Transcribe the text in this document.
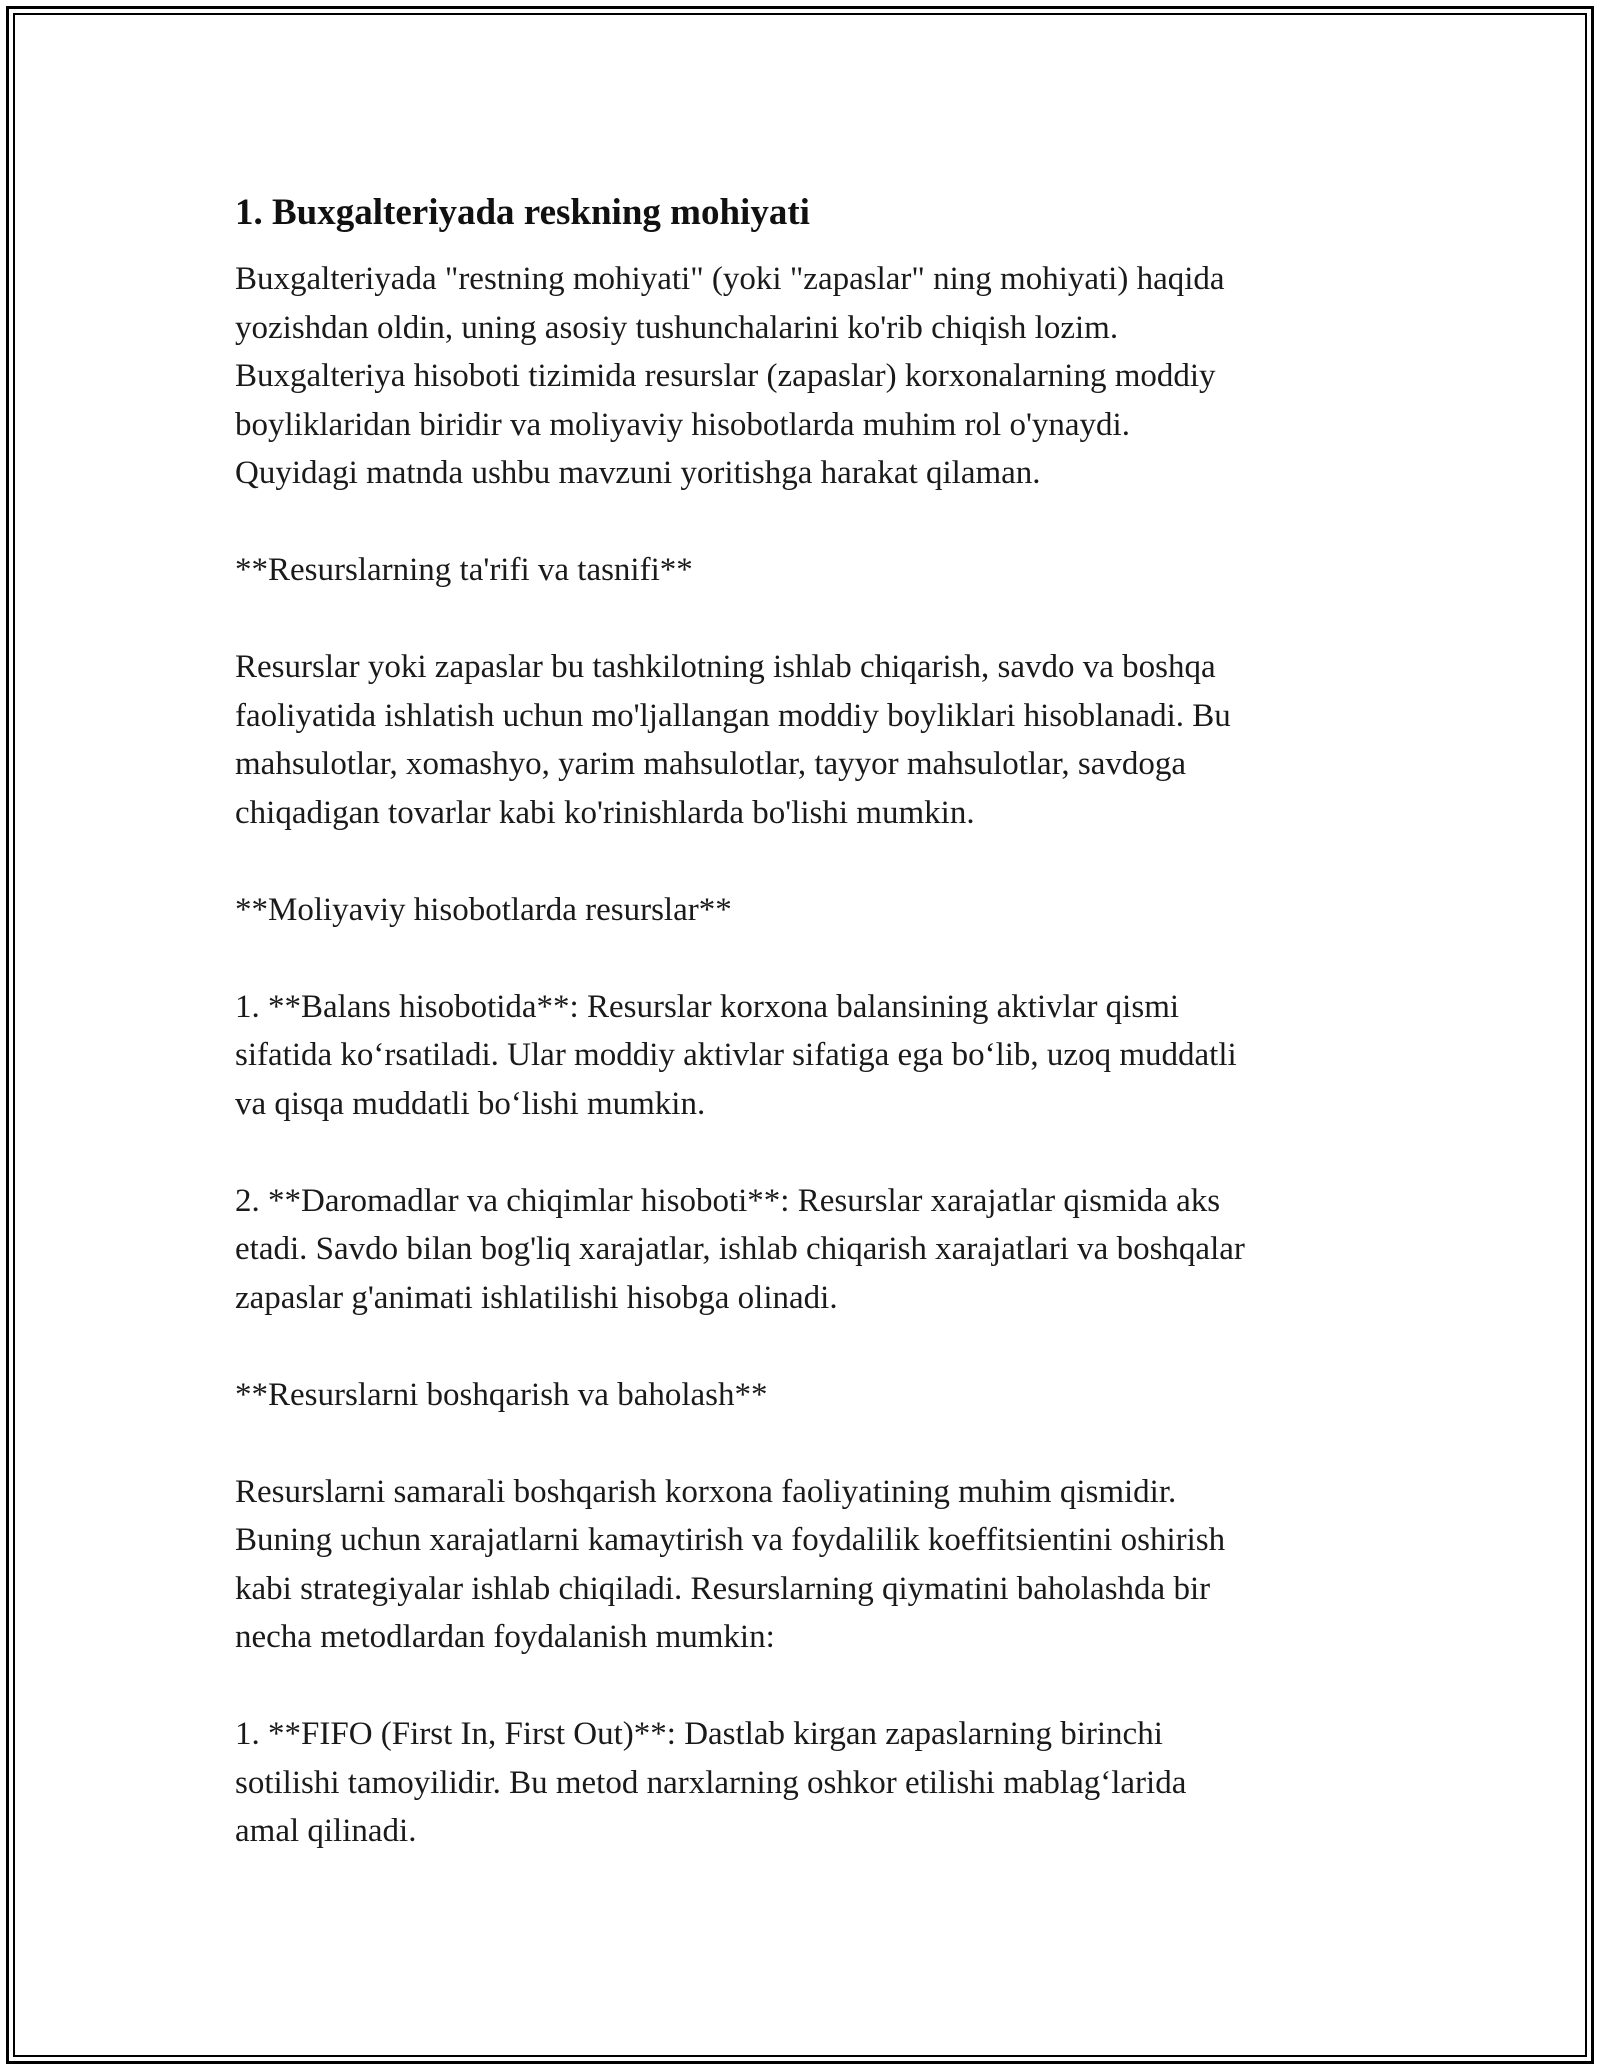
1. Buxgalteriyada reskning mohiyati

Buxgalteriyada "restning mohiyati" (yoki "zapaslar" ning mohiyati) haqida
yozishdan oldin, uning asosiy tushunchalarini ko'rib chiqish lozim.
Buxgalteriya hisoboti tizimida resurslar (zapaslar) korxonalarning moddiy
boyliklaridan biridir va moliyaviy hisobotlarda muhim rol o'ynaydi.
Quyidagi matnda ushbu mavzuni yoritishga harakat qilaman.

**Resurslarning ta'rifi va tasnifi**

Resurslar yoki zapaslar bu tashkilotning ishlab chiqarish, savdo va boshqa
faoliyatida ishlatish uchun mo'ljallangan moddiy boyliklari hisoblanadi. Bu
mahsulotlar, xomashyo, yarim mahsulotlar, tayyor mahsulotlar, savdoga
chiqadigan tovarlar kabi ko'rinishlarda bo'lishi mumkin.

**Moliyaviy hisobotlarda resurslar**

1. **Balans hisobotida**: Resurslar korxona balansining aktivlar qismi
sifatida ko‘rsatiladi. Ular moddiy aktivlar sifatiga ega bo‘lib, uzoq muddatli
va qisqa muddatli bo‘lishi mumkin.

2. **Daromadlar va chiqimlar hisoboti**: Resurslar xarajatlar qismida aks
etadi. Savdo bilan bog'liq xarajatlar, ishlab chiqarish xarajatlari va boshqalar
zapaslar g'animati ishlatilishi hisobga olinadi.

**Resurslarni boshqarish va baholash**

Resurslarni samarali boshqarish korxona faoliyatining muhim qismidir.
Buning uchun xarajatlarni kamaytirish va foydalilik koeffitsientini oshirish
kabi strategiyalar ishlab chiqiladi. Resurslarning qiymatini baholashda bir
necha metodlardan foydalanish mumkin:

1. **FIFO (First In, First Out)**: Dastlab kirgan zapaslarning birinchi
sotilishi tamoyilidir. Bu metod narxlarning oshkor etilishi mablag‘larida
amal qilinadi.
